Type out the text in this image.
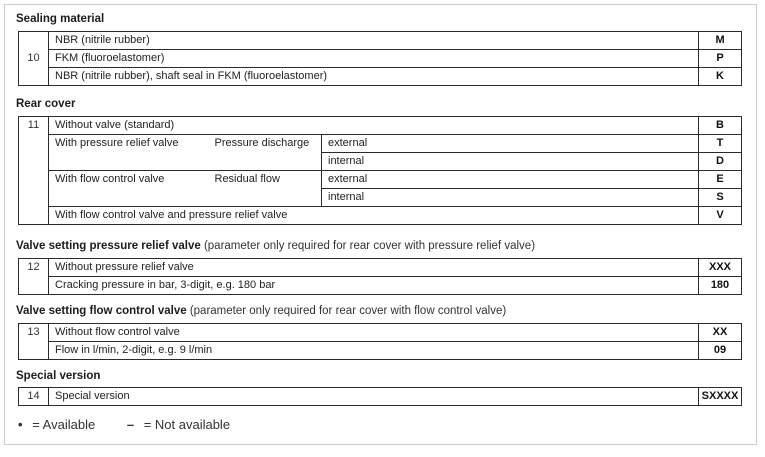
Sealing material
10	NBR (nitrile rubber)	M
	FKM (fluoroelastomer)	P
	NBR (nitrile rubber), shaft seal in FKM (fluoroelastomer)	K
Rear cover
11	Without valve (standard)			B
	With pressure relief valve	Pressure discharge	external	T
			internal	D
	With flow control valve	Residual flow	external	E
			internal	S
	With flow control valve and pressure relief valve			V
Valve setting pressure relief valve (parameter only required for rear cover with pressure relief valve)
12	Without pressure relief valve	XXX
	Cracking pressure in bar, 3-digit, e.g. 180 bar	180
Valve setting flow control valve (parameter only required for rear cover with flow control valve)
13	Without flow control valve	XX
	Flow in l/min, 2-digit, e.g. 9 l/min	09
Special version
14	Special version	SXXXX
• = Available – = Not available
